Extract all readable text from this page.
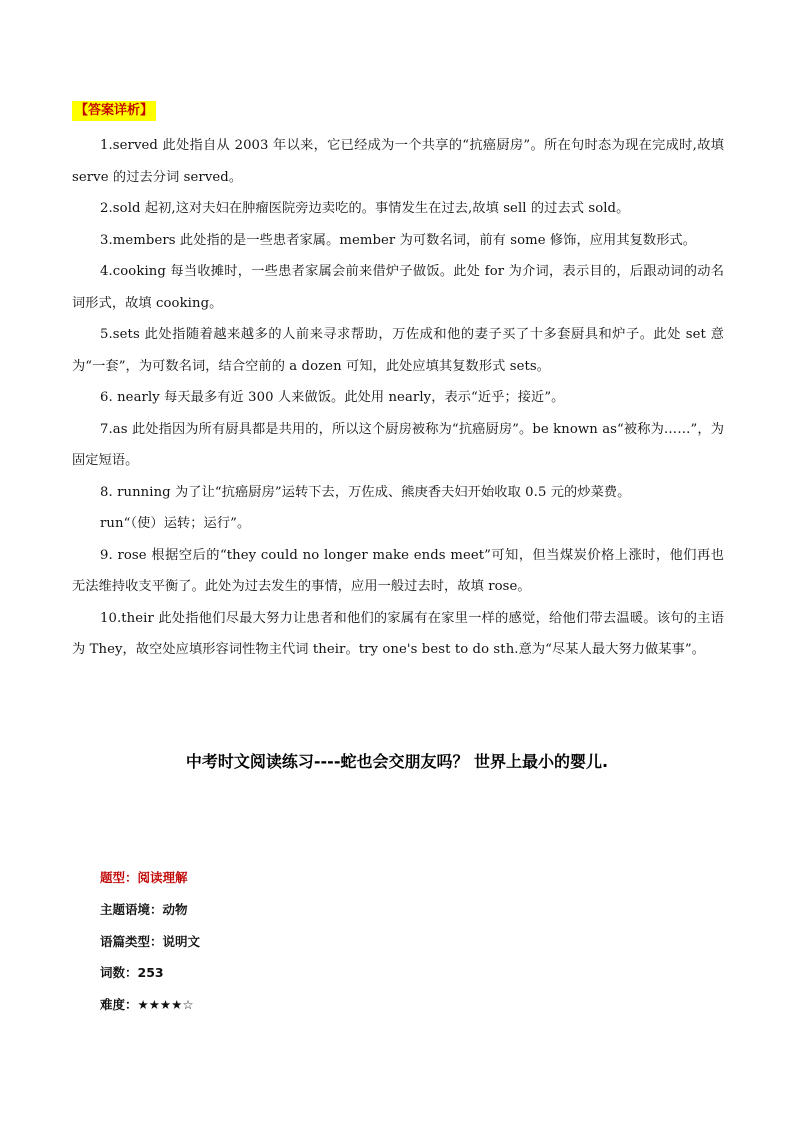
【答案详析】
1.served 此处指自从 2003 年以来，它已经成为一个共享的“抗癌厨房”。所在句时态为现在完成时,故填 serve 的过去分词 served。
2.sold 起初,这对夫妇在肿瘤医院旁边卖吃的。事情发生在过去,故填 sell 的过去式 sold。
3.members 此处指的是一些患者家属。member 为可数名词，前有 some 修饰，应用其复数形式。
4.cooking 每当收摊时，一些患者家属会前来借炉子做饭。此处 for 为介词，表示目的，后跟动词的动名词形式，故填 cooking。
5.sets 此处指随着越来越多的人前来寻求帮助，万佐成和他的妻子买了十多套厨具和炉子。此处 set 意为“一套”，为可数名词，结合空前的 a dozen 可知，此处应填其复数形式 sets。
6. nearly 每天最多有近 300 人来做饭。此处用 nearly，表示“近乎；接近”。
7.as 此处指因为所有厨具都是共用的，所以这个厨房被称为“抗癌厨房”。be known as“被称为……”，为固定短语。
8. running 为了让“抗癌厨房”运转下去，万佐成、熊庚香夫妇开始收取 0.5 元的炒菜费。
run“（使）运转；运行”。
9. rose 根据空后的“they could no longer make ends meet”可知，但当煤炭价格上涨时，他们再也无法维持收支平衡了。此处为过去发生的事情，应用一般过去时，故填 rose。
10.their 此处指他们尽最大努力让患者和他们的家属有在家里一样的感觉，给他们带去温暖。该句的主语为 They，故空处应填形容词性物主代词 their。try one's best to do sth.意为“尽某人最大努力做某事”。
中考时文阅读练习----蛇也会交朋友吗？ 世界上最小的婴儿.
题型：阅读理解
主题语境：动物
语篇类型：说明文
词数：253
难度：★★★★☆
